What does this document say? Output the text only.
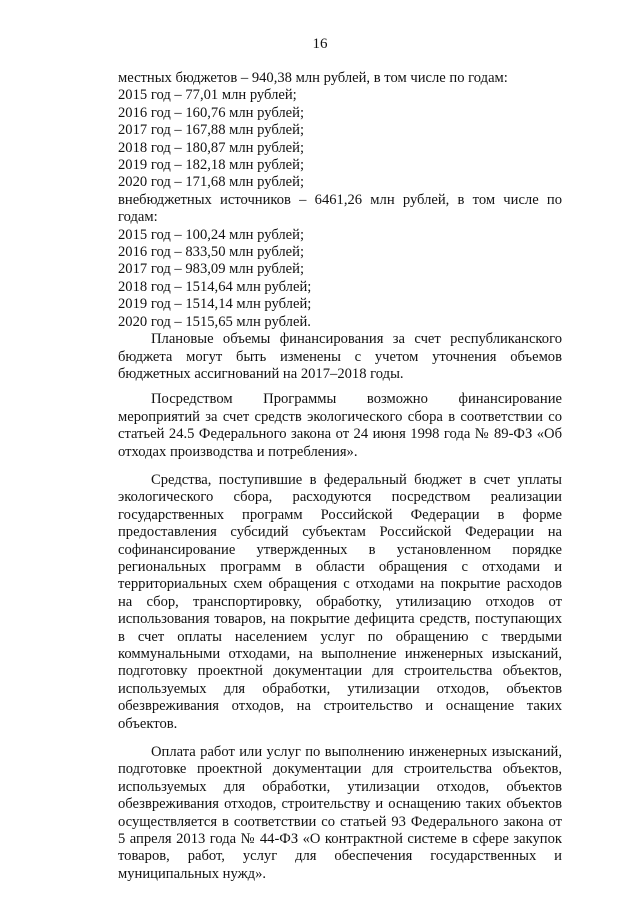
16
местных бюджетов – 940,38 млн рублей, в том числе по годам:
2015 год – 77,01 млн рублей;
2016 год – 160,76 млн рублей;
2017 год – 167,88 млн рублей;
2018 год – 180,87 млн рублей;
2019 год – 182,18 млн рублей;
2020 год – 171,68 млн рублей;
внебюджетных источников – 6461,26 млн рублей, в том числе по годам:
2015 год – 100,24 млн рублей;
2016 год – 833,50 млн рублей;
2017 год – 983,09 млн рублей;
2018 год – 1514,64 млн рублей;
2019 год – 1514,14 млн рублей;
2020 год – 1515,65 млн рублей.

Плановые объемы финансирования за счет республиканского бюджета могут быть изменены с учетом уточнения объемов бюджетных ассигнований на 2017–2018 годы.

Посредством Программы возможно финансирование мероприятий за счет средств экологического сбора в соответствии со статьей 24.5 Федерального закона от 24 июня 1998 года № 89-ФЗ «Об отходах производства и потребления».

Средства, поступившие в федеральный бюджет в счет уплаты экологического сбора, расходуются посредством реализации государственных программ Российской Федерации в форме предоставления субсидий субъектам Российской Федерации на софинансирование утвержденных в установленном порядке региональных программ в области обращения с отходами и территориальных схем обращения с отходами на покрытие расходов на сбор, транспортировку, обработку, утилизацию отходов от использования товаров, на покрытие дефицита средств, поступающих в счет оплаты населением услуг по обращению с твердыми коммунальными отходами, на выполнение инженерных изысканий, подготовку проектной документации для строительства объектов, используемых для обработки, утилизации отходов, объектов обезвреживания отходов, на строительство и оснащение таких объектов.

Оплата работ или услуг по выполнению инженерных изысканий, подготовке проектной документации для строительства объектов, используемых для обработки, утилизации отходов, объектов обезвреживания отходов, строительству и оснащению таких объектов осуществляется в соответствии со статьей 93 Федерального закона от 5 апреля 2013 года № 44-ФЗ «О контрактной системе в сфере закупок товаров, работ, услуг для обеспечения государственных и муниципальных нужд».
